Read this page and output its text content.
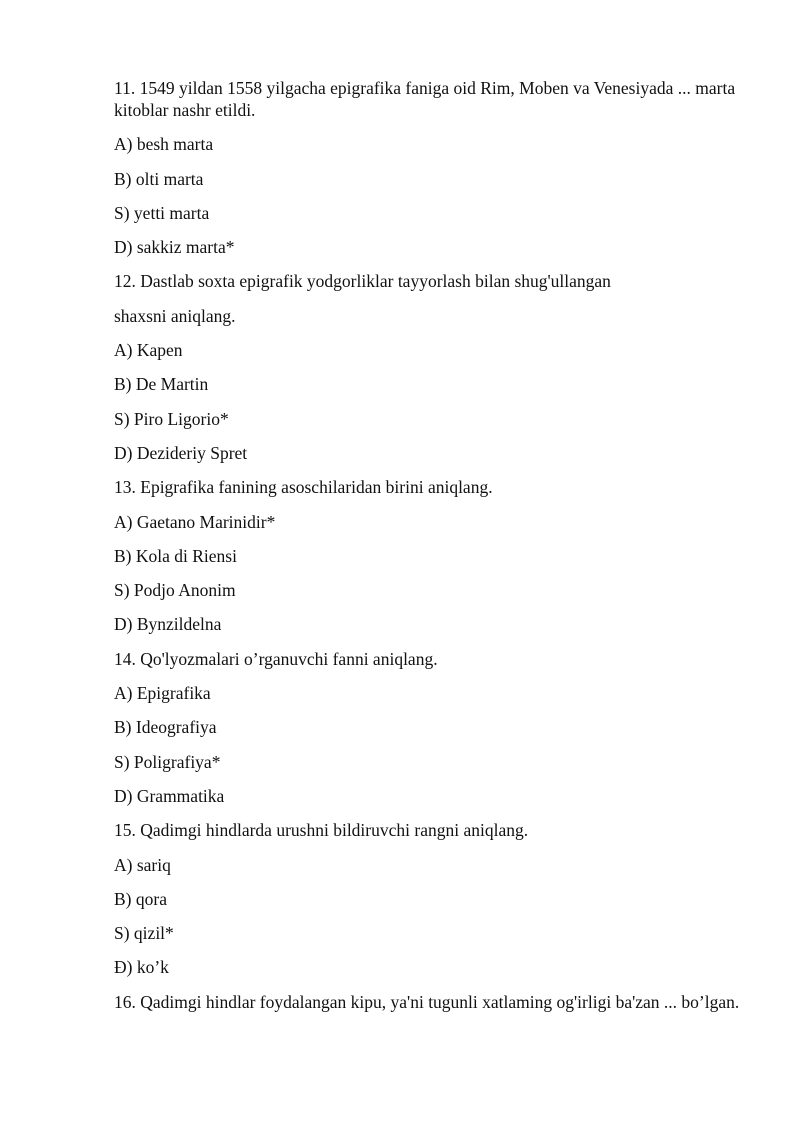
11. 1549 yildan 1558 yilgacha epigrafika faniga oid Rim, Moben va Venesiyada ... marta kitoblar nashr etildi.

A) besh marta

B) olti marta

S) yetti marta

D) sakkiz marta*

12. Dastlab soxta epigrafik yodgorliklar tayyorlash bilan shug'ullangan

shaxsni aniqlang.

A) Kapen

B) De Martin

S) Piro Ligorio*

D) Dezideriy Spret

13. Epigrafika fanining asoschilaridan birini aniqlang.

A) Gaetano Marinidir*

B) Kola di Riensi

S) Podjo Anonim

D) Bynzildelna

14. Qo'lyozmalari o’rganuvchi fanni aniqlang.

A) Epigrafika

B) Ideografiya

S) Poligrafiya*

D) Grammatika

15. Qadimgi hindlarda urushni bildiruvchi rangni aniqlang.

A) sariq

B) qora

S) qizil*

Ð) ko’k

16. Qadimgi hindlar foydalangan kipu, ya'ni tugunli xatlaming og'irligi ba'zan ... bo’lgan.
